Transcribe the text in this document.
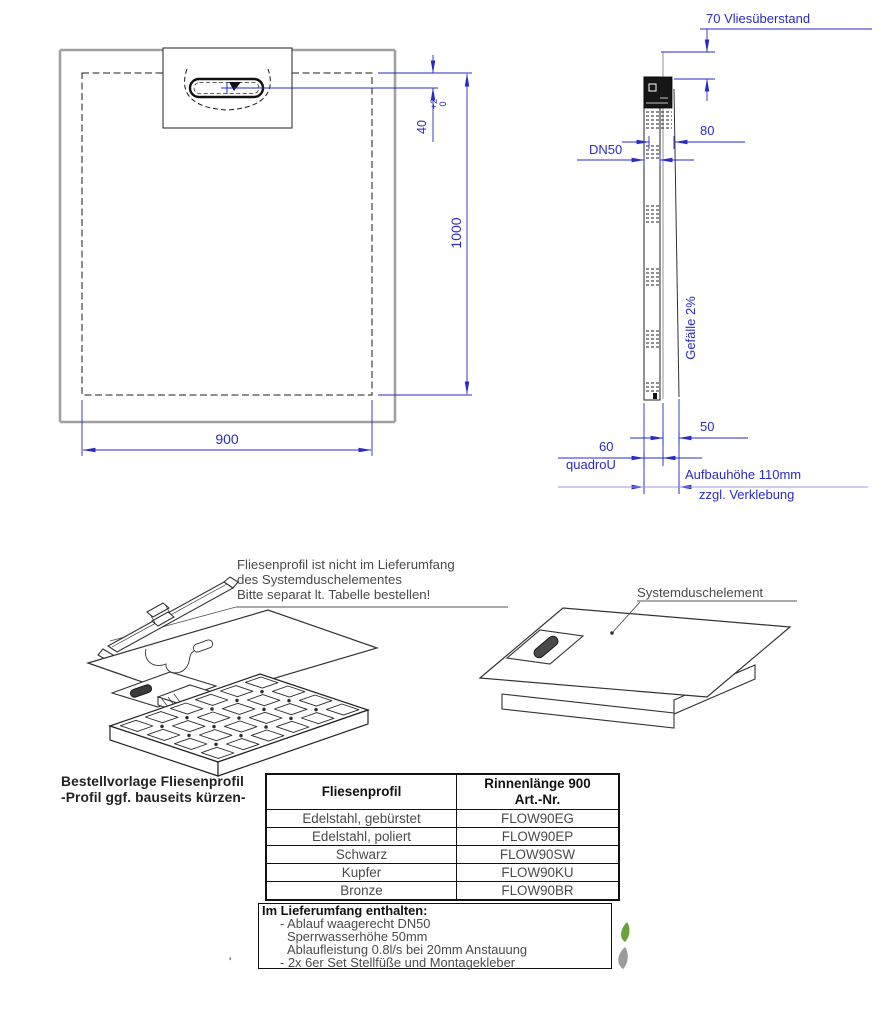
900
1000
40
+2 0
70 Vliesüberstand
80
DN50
Gefälle 2%
50
60
quadroU
Aufbauhöhe 110mm
zzgl. Verklebung
Fliesenprofil ist nicht im Lieferumfang
des Systemduschelementes
Bitte separat lt. Tabelle bestellen!	Systemduschelement
'
Bestellvorlage Fliesenprofil
-Profil ggf. bauseits kürzen-	Fliesenprofil	Rinnenlänge 900
Art.-Nr.

Edelstahl, gebürstet	FLOW90EG
Edelstahl, poliert	FLOW90EP
Schwarz	FLOW90SW
Kupfer	FLOW90KU
Bronze	FLOW90BR
Im Lieferumfang enthalten:
- Ablauf waagerecht DN50
Sperrwasserhöhe 50mm
Ablaufleistung 0.8l/s bei 20mm Anstauung
- 2x 6er Set Stellfüße und Montagekleber
